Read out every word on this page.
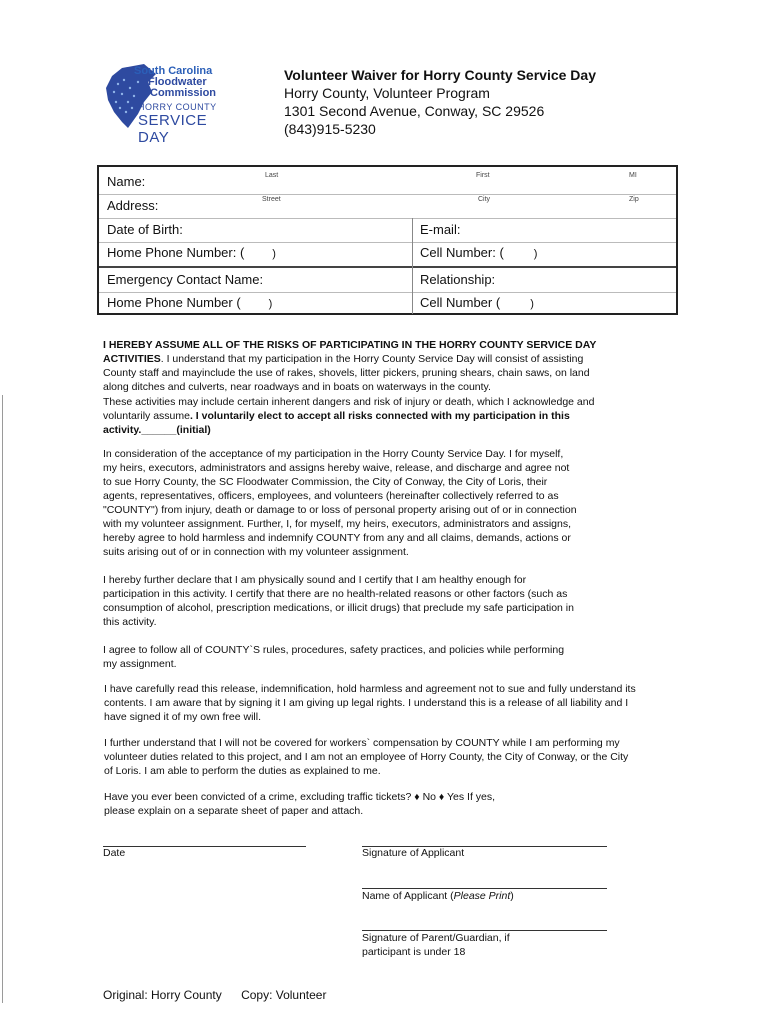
South Carolina
Floodwater
Commission
HORRY COUNTY
SERVICE DAY
Volunteer Waiver for Horry County Service Day
Horry County, Volunteer Program
1301 Second Avenue, Conway, SC 29526
(843)915-5230
Name:	Last	First	MI
Address:	Street	City	Zip
Date of Birth:	E-mail:
Home Phone Number: (	)	Cell Number: (	)
Emergency Contact Name:	Relationship:
Home Phone Number (	)	Cell Number (	)
I HEREBY ASSUME ALL OF THE RISKS OF PARTICIPATING IN THE HORRY COUNTY SERVICE DAY
ACTIVITIES. I understand that my participation in the Horry County Service Day will consist of assisting
County staff and mayinclude the use of rakes, shovels, litter pickers, pruning shears, chain saws, on land
along ditches and culverts, near roadways and in boats on waterways in the county.
These activities may include certain inherent dangers and risk of injury or death, which I acknowledge and
voluntarily assume. I voluntarily elect to accept all risks connected with my participation in this
activity.______(initial)
In consideration of the acceptance of my participation in the Horry County Service Day. I for myself,
my heirs, executors, administrators and assigns hereby waive, release, and discharge and agree not
to sue Horry County, the SC Floodwater Commission, the City of Conway, the City of Loris, their
agents, representatives, officers, employees, and volunteers (hereinafter collectively referred to as
"COUNTY") from injury, death or damage to or loss of personal property arising out of or in connection
with my volunteer assignment. Further, I, for myself, my heirs, executors, administrators and assigns,
hereby agree to hold harmless and indemnify COUNTY from any and all claims, demands, actions or
suits arising out of or in connection with my volunteer assignment.
I hereby further declare that I am physically sound and I certify that I am healthy enough for
participation in this activity. I certify that there are no health-related reasons or other factors (such as
consumption of alcohol, prescription medications, or illicit drugs) that preclude my safe participation in
this activity.
I agree to follow all of COUNTY`S rules, procedures, safety practices, and policies while performing
my assignment.
I have carefully read this release, indemnification, hold harmless and agreement not to sue and fully understand its
contents. I am aware that by signing it I am giving up legal rights. I understand this is a release of all liability and I
have signed it of my own free will.
I further understand that I will not be covered for workers` compensation by COUNTY while I am performing my
volunteer duties related to this project, and I am not an employee of Horry County, the City of Conway, or the City
of Loris. I am able to perform the duties as explained to me.
Have you ever been convicted of a crime, excluding traffic tickets? ♦ No ♦ Yes If yes,
please explain on a separate sheet of paper and attach.
Date	Signature of Applicant
Name of Applicant (Please Print)
Signature of Parent/Guardian, if
participant is under 18
Original: Horry County Copy: Volunteer
